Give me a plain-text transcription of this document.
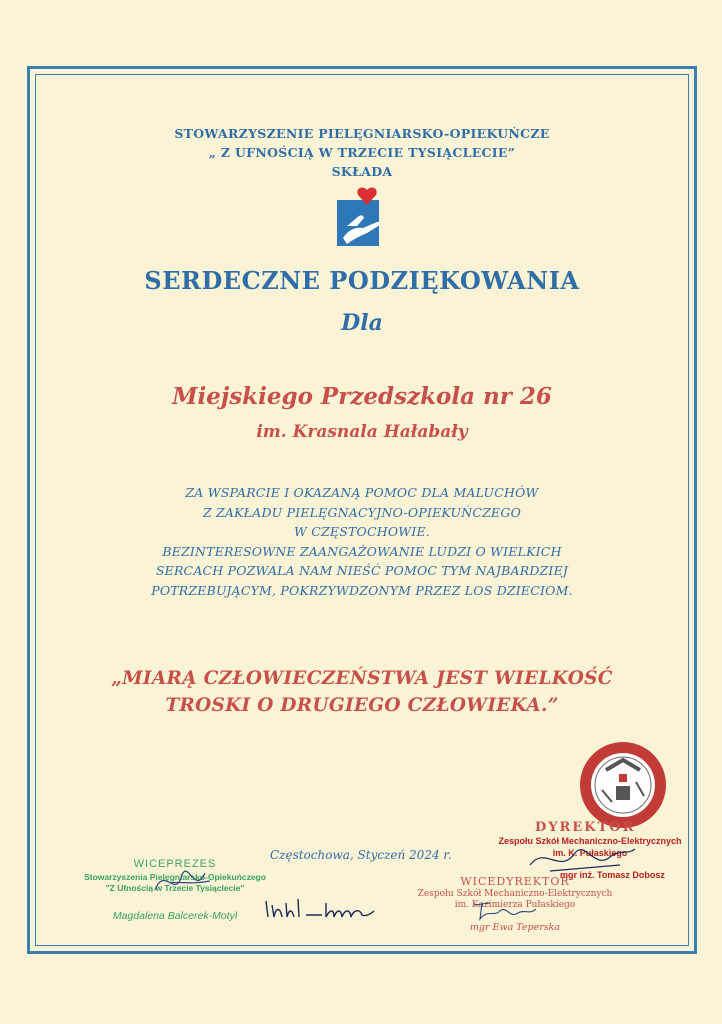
STOWARZYSZENIE PIELĘGNIARSKO-OPIEKUŃCZE
„ Z UFNOŚCIĄ W TRZECIE TYSIĄCLECIE”
SKŁADA
SERDECZNE PODZIĘKOWANIA
Dla
Miejskiego Przedszkola nr 26
im. Krasnala Hałabały
ZA WSPARCIE I OKAZANĄ POMOC DLA MALUCHÓW
Z ZAKŁADU PIELĘGNACYJNO-OPIEKUŃCZEGO
W CZĘSTOCHOWIE.
BEZINTERESOWNE ZAANGAŻOWANIE LUDZI O WIELKICH
SERCACH POZWALA NAM NIEŚĆ POMOC TYM NAJBARDZIEJ
POTRZEBUJĄCYM, POKRZYWDZONYM PRZEZ LOS DZIECIOM.
„MIARĄ CZŁOWIECZEŃSTWA JEST WIELKOŚĆ
TROSKI O DRUGIEGO CZŁOWIEKA.”
Częstochowa, Styczeń 2024 r.
WICEPREZES
Stowarzyszenia Pielęgniarsko-Opiekuńczego
"Z Ufnością w Trzecie Tysiąclecie"
Magdalena Balcerek-Motyl
WICEDYREKTOR
Zespołu Szkół Mechaniczno-Elektrycznych
im. Kazimierza Pułaskiego
mgr Ewa Teperska
DYREKTOR
Zespołu Szkół Mechaniczno-Elektrycznych
im. K. Pułaskiego
mgr inż. Tomasz Dobosz
